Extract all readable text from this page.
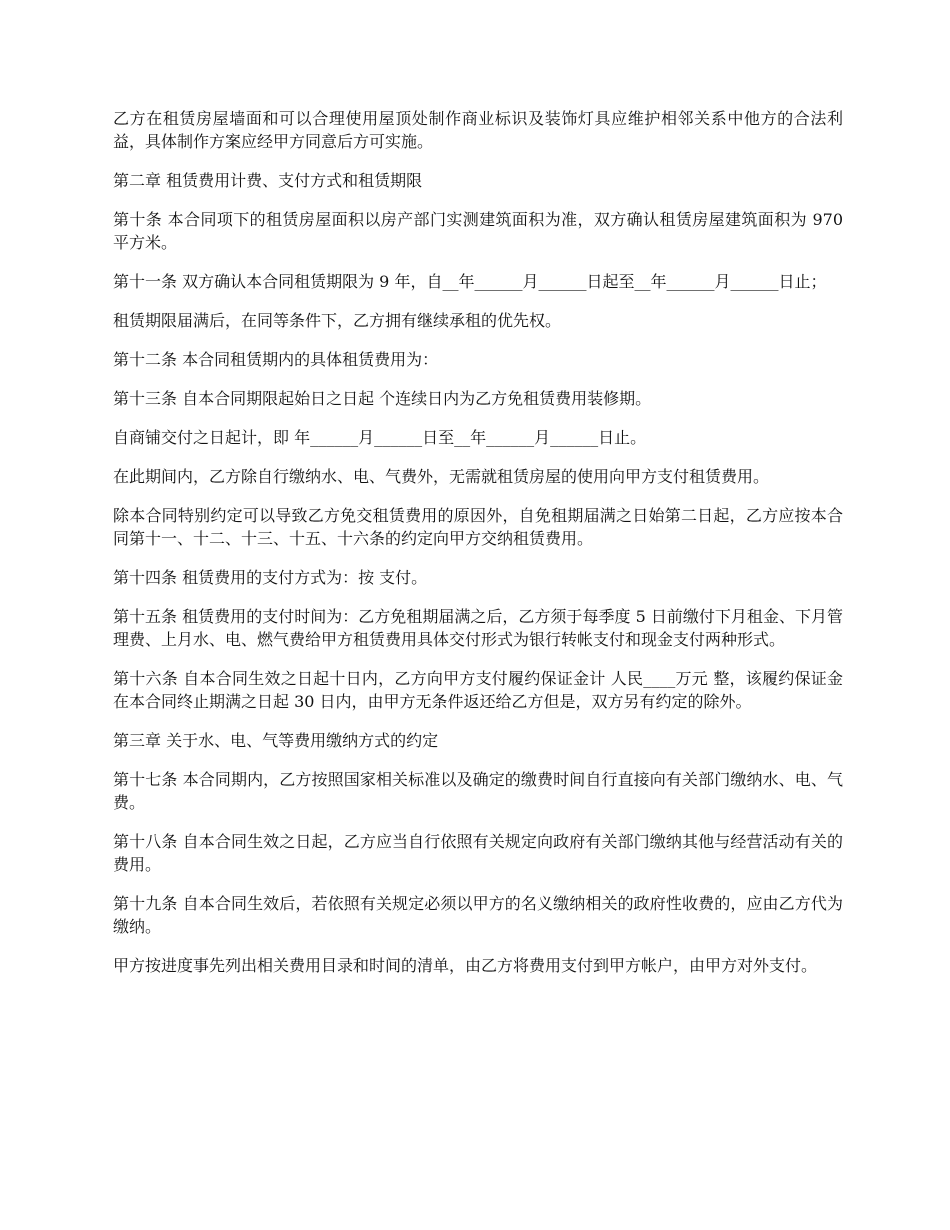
乙方在租赁房屋墙面和可以合理使用屋顶处制作商业标识及装饰灯具应维护相邻关系中他方的合法利益，具体制作方案应经甲方同意后方可实施。

第二章 租赁费用计费、支付方式和租赁期限

第十条 本合同项下的租赁房屋面积以房产部门实测建筑面积为准，双方确认租赁房屋建筑面积为 970 平方米。

第十一条 双方确认本合同租赁期限为 9 年，自__年______月______日起至__年______月______日止；

租赁期限届满后，在同等条件下，乙方拥有继续承租的优先权。

第十二条 本合同租赁期内的具体租赁费用为：

第十三条 自本合同期限起始日之日起 个连续日内为乙方免租赁费用装修期。

自商铺交付之日起计，即 年______月______日至__年______月______日止。

在此期间内，乙方除自行缴纳水、电、气费外，无需就租赁房屋的使用向甲方支付租赁费用。

除本合同特别约定可以导致乙方免交租赁费用的原因外，自免租期届满之日始第二日起，乙方应按本合同第十一、十二、十三、十五、十六条的约定向甲方交纳租赁费用。

第十四条 租赁费用的支付方式为：按 支付。

第十五条 租赁费用的支付时间为：乙方免租期届满之后，乙方须于每季度 5 日前缴付下月租金、下月管理费、上月水、电、燃气费给甲方租赁费用具体交付形式为银行转帐支付和现金支付两种形式。

第十六条 自本合同生效之日起十日内，乙方向甲方支付履约保证金计 人民____万元 整，该履约保证金在本合同终止期满之日起 30 日内，由甲方无条件返还给乙方但是，双方另有约定的除外。

第三章 关于水、电、气等费用缴纳方式的约定

第十七条 本合同期内，乙方按照国家相关标准以及确定的缴费时间自行直接向有关部门缴纳水、电、气费。

第十八条 自本合同生效之日起，乙方应当自行依照有关规定向政府有关部门缴纳其他与经营活动有关的费用。

第十九条 自本合同生效后，若依照有关规定必须以甲方的名义缴纳相关的政府性收费的，应由乙方代为缴纳。

甲方按进度事先列出相关费用目录和时间的清单，由乙方将费用支付到甲方帐户，由甲方对外支付。
